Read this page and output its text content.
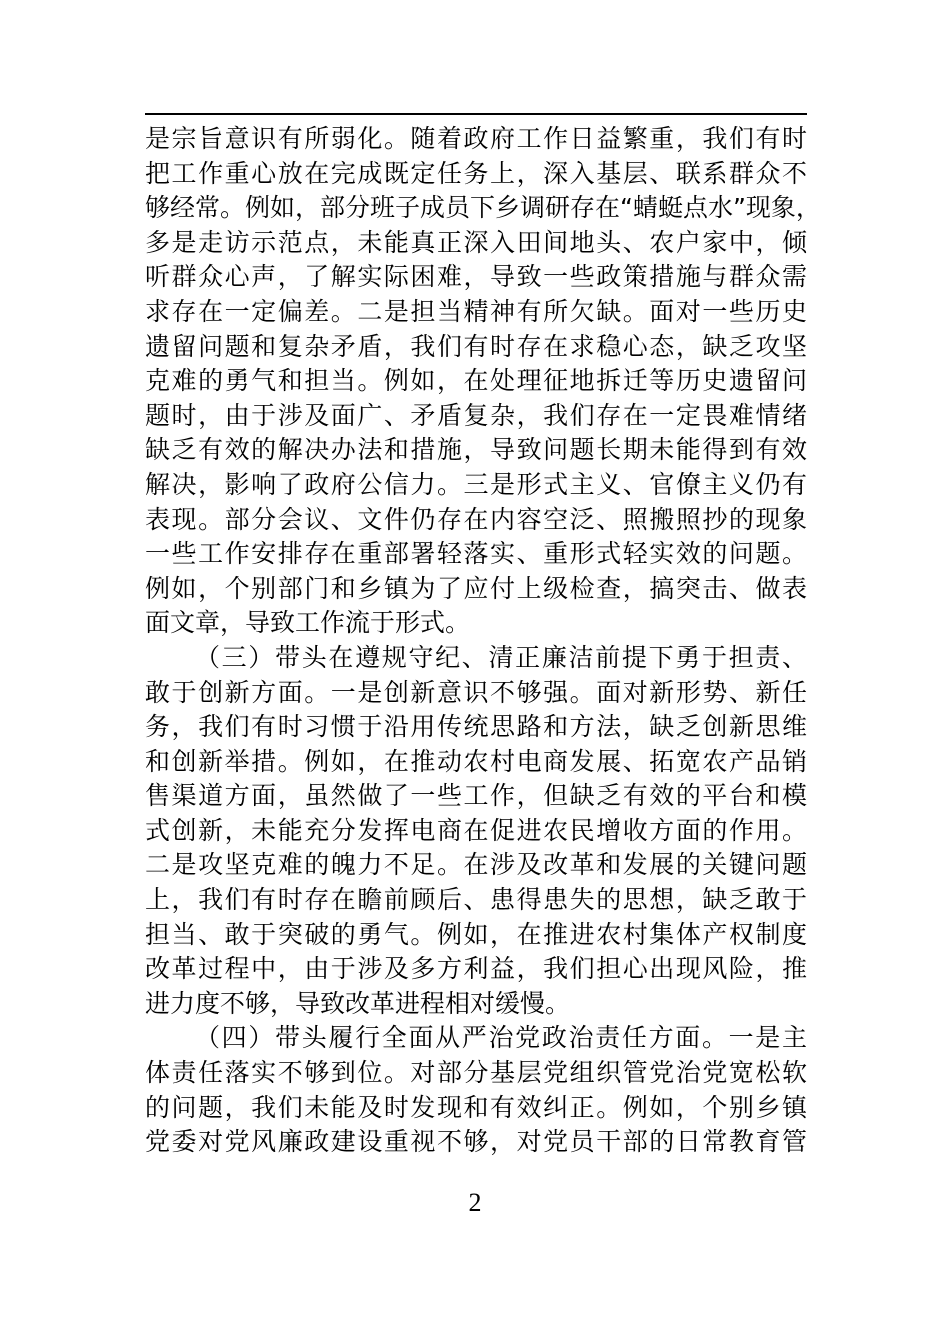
是宗旨意识有所弱化。随着政府工作日益繁重，我们有时
把工作重心放在完成既定任务上，深入基层、联系群众不
够经常。例如，部分班子成员下乡调研存在“蜻蜓点水”现象，
多是走访示范点，未能真正深入田间地头、农户家中，倾
听群众心声，了解实际困难，导致一些政策措施与群众需
求存在一定偏差。二是担当精神有所欠缺。面对一些历史
遗留问题和复杂矛盾，我们有时存在求稳心态，缺乏攻坚
克难的勇气和担当。例如，在处理征地拆迁等历史遗留问
题时，由于涉及面广、矛盾复杂，我们存在一定畏难情绪
缺乏有效的解决办法和措施，导致问题长期未能得到有效
解决，影响了政府公信力。三是形式主义、官僚主义仍有
表现。部分会议、文件仍存在内容空泛、照搬照抄的现象
一些工作安排存在重部署轻落实、重形式轻实效的问题。
例如，个别部门和乡镇为了应付上级检查，搞突击、做表
面文章，导致工作流于形式。
（三）带头在遵规守纪、清正廉洁前提下勇于担责、
敢于创新方面。一是创新意识不够强。面对新形势、新任
务，我们有时习惯于沿用传统思路和方法，缺乏创新思维
和创新举措。例如，在推动农村电商发展、拓宽农产品销
售渠道方面，虽然做了一些工作，但缺乏有效的平台和模
式创新，未能充分发挥电商在促进农民增收方面的作用。
二是攻坚克难的魄力不足。在涉及改革和发展的关键问题
上，我们有时存在瞻前顾后、患得患失的思想，缺乏敢于
担当、敢于突破的勇气。例如，在推进农村集体产权制度
改革过程中，由于涉及多方利益，我们担心出现风险，推
进力度不够，导致改革进程相对缓慢。
（四）带头履行全面从严治党政治责任方面。一是主
体责任落实不够到位。对部分基层党组织管党治党宽松软
的问题，我们未能及时发现和有效纠正。例如，个别乡镇
党委对党风廉政建设重视不够，对党员干部的日常教育管
2
